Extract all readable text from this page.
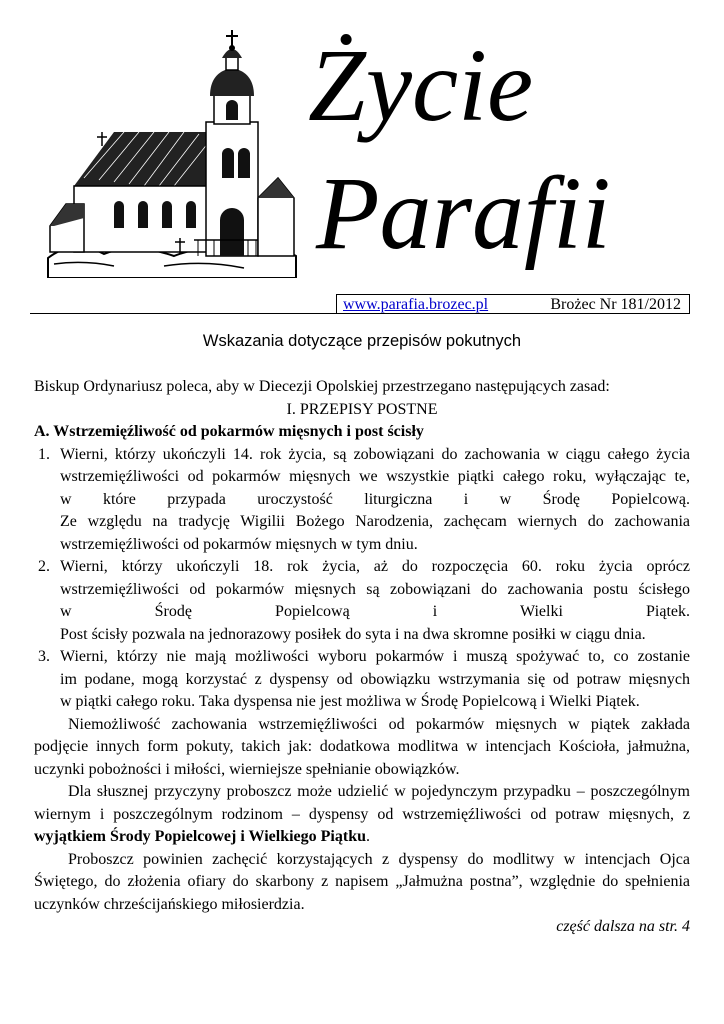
Życie
Parafii
www.parafia.brozec.pl	Brożec Nr 181/2012
Wskazania dotyczące przepisów pokutnych

Biskup Ordynariusz poleca, aby w Diecezji Opolskiej przestrzegano następujących zasad:

I. PRZEPISY POSTNE

A. Wstrzemięźliwość od pokarmów mięsnych i post ścisły

1. Wierni, którzy ukończyli 14. rok życia, są zobowiązani do zachowania w ciągu całego życia
wstrzemięźliwości od pokarmów mięsnych we wszystkie piątki całego roku, wyłączając te,
w które przypada uroczystość liturgiczna i w Środę Popielcową.
Ze względu na tradycję Wigilii Bożego Narodzenia, zachęcam wiernych do zachowania
wstrzemięźliwości od pokarmów mięsnych w tym dniu.
2. Wierni, którzy ukończyli 18. rok życia, aż do rozpoczęcia 60. roku życia oprócz
wstrzemięźliwości od pokarmów mięsnych są zobowiązani do zachowania postu ścisłego
w Środę Popielcową i Wielki Piątek.
Post ścisły pozwala na jednorazowy posiłek do syta i na dwa skromne posiłki w ciągu dnia.
3. Wierni, którzy nie mają możliwości wyboru pokarmów i muszą spożywać to, co zostanie
im podane, mogą korzystać z dyspensy od obowiązku wstrzymania się od potraw mięsnych
w piątki całego roku. Taka dyspensa nie jest możliwa w Środę Popielcową i Wielki Piątek.

Niemożliwość zachowania wstrzemięźliwości od pokarmów mięsnych w piątek zakłada podjęcie innych form pokuty, takich jak: dodatkowa modlitwa w intencjach Kościoła, jałmużna, uczynki pobożności i miłości, wierniejsze spełnianie obowiązków.

Dla słusznej przyczyny proboszcz może udzielić w pojedynczym przypadku – poszczególnym wiernym i poszczególnym rodzinom – dyspensy od wstrzemięźliwości od potraw mięsnych, z wyjątkiem Środy Popielcowej i Wielkiego Piątku.

Proboszcz powinien zachęcić korzystających z dyspensy do modlitwy w intencjach Ojca Świętego, do złożenia ofiary do skarbony z napisem „Jałmużna postna”, względnie do spełnienia uczynków chrześcijańskiego miłosierdzia.

część dalsza na str. 4
